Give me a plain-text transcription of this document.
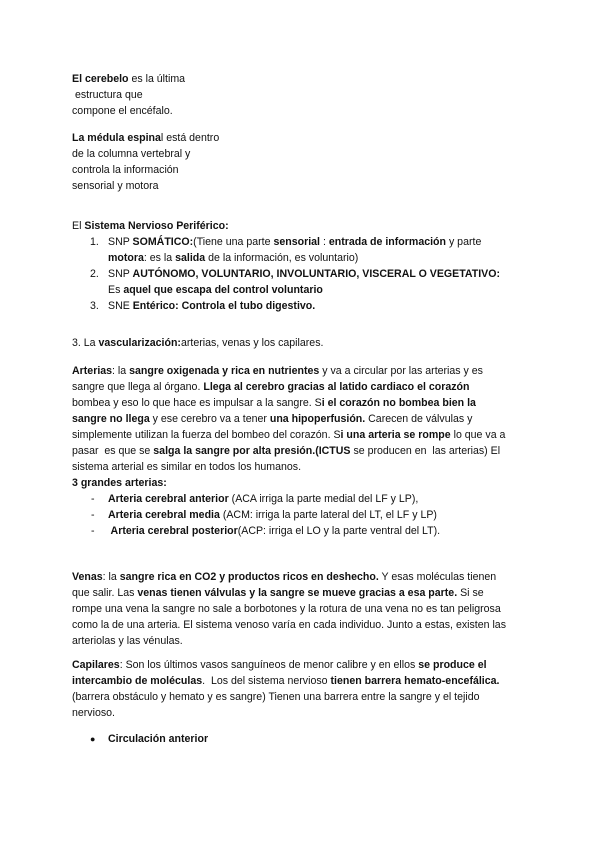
El cerebelo es la última
estructura que
compone el encéfalo.
La médula espinal está dentro
de la columna vertebral y
controla la información
sensorial y motora
El Sistema Nervioso Periférico:
1. SNP SOMÁTICO:(Tiene una parte sensorial : entrada de información y parte
motora: es la salida de la información, es voluntario)
2. SNP AUTÓNOMO, VOLUNTARIO, INVOLUNTARIO, VISCERAL O VEGETATIVO:
Es aquel que escapa del control voluntario
3. SNE Entérico: Controla el tubo digestivo.
3. La vascularización:arterias, venas y los capilares.
Arterias: la sangre oxigenada y rica en nutrientes y va a circular por las arterias y es
sangre que llega al órgano. Llega al cerebro gracias al latido cardiaco el corazón
bombea y eso lo que hace es impulsar a la sangre. Si el corazón no bombea bien la
sangre no llega y ese cerebro va a tener una hipoperfusión. Carecen de válvulas y
simplemente utilizan la fuerza del bombeo del corazón. Si una arteria se rompe lo que va a
pasar  es que se salga la sangre por alta presión.(ICTUS se producen en  las arterias) El
sistema arterial es similar en todos los humanos.
3 grandes arterias:
- Arteria cerebral anterior (ACA irriga la parte medial del LF y LP),
- Arteria cerebral media (ACM: irriga la parte lateral del LT, el LF y LP)
- Arteria cerebral posterior(ACP: irriga el LO y la parte ventral del LT).
Venas: la sangre rica en CO2 y productos ricos en deshecho. Y esas moléculas tienen
que salir. Las venas tienen válvulas y la sangre se mueve gracias a esa parte. Si se
rompe una vena la sangre no sale a borbotones y la rotura de una vena no es tan peligrosa
como la de una arteria. El sistema venoso varía en cada individuo. Junto a estas, existen las
arteriolas y las vénulas.
Capilares: Son los últimos vasos sanguíneos de menor calibre y en ellos se produce el
intercambio de moléculas.  Los del sistema nervioso tienen barrera hemato-encefálica.
(barrera obstáculo y hemato y es sangre) Tienen una barrera entre la sangre y el tejido
nervioso.
● Circulación anterior
